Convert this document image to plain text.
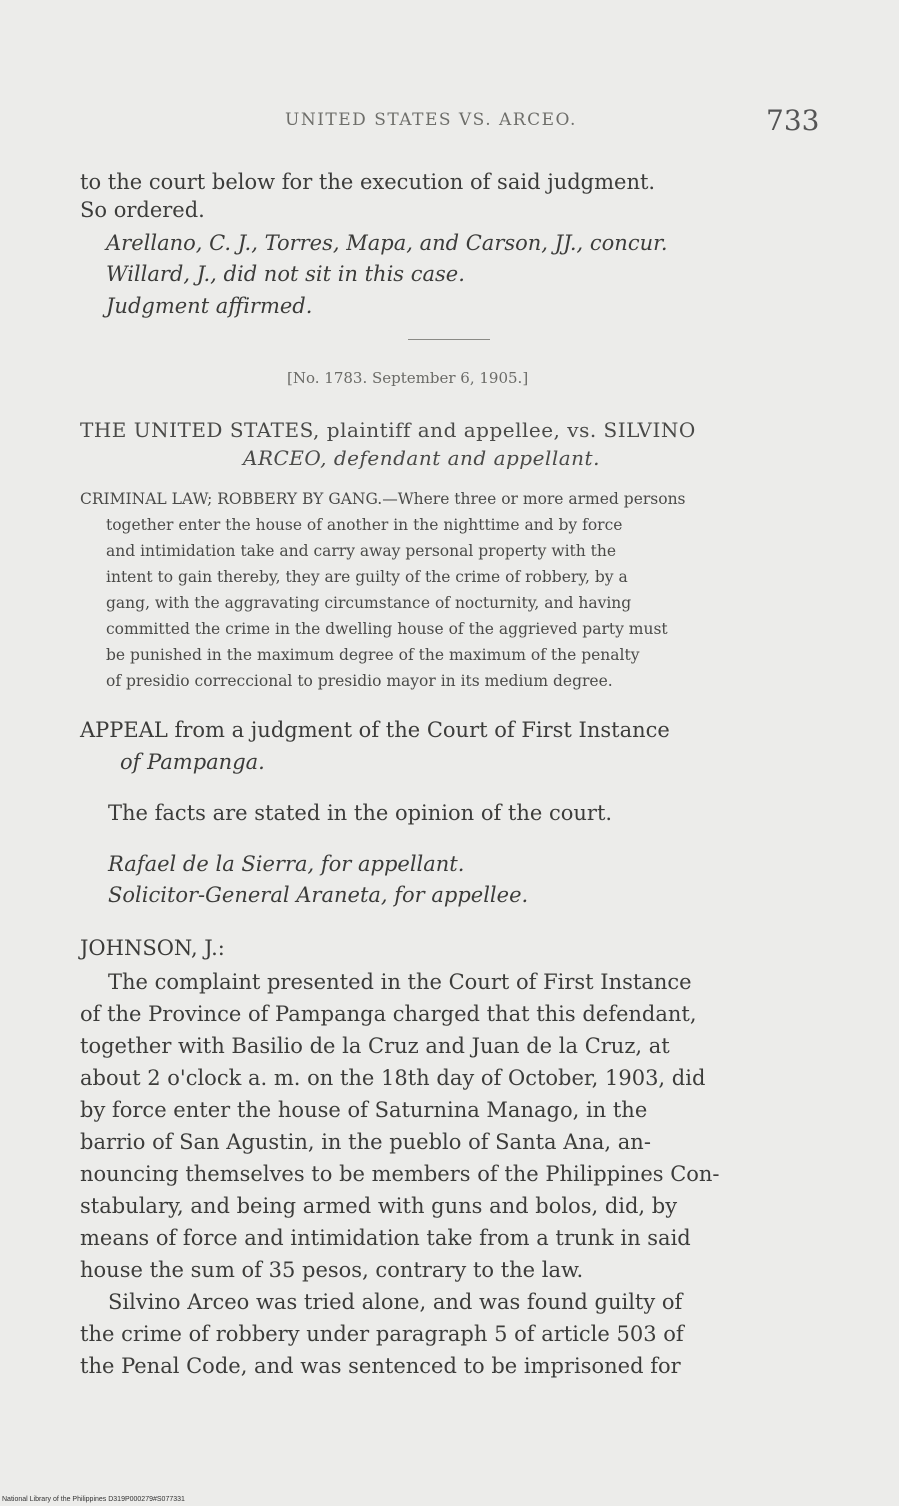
UNITED STATES VS. ARCEO.	733
to the court below for the execution of said judgment.
So ordered.
Arellano, C. J., Torres, Mapa, and Carson, JJ., concur.
Willard, J., did not sit in this case.
Judgment affirmed.
[No. 1783. September 6, 1905.]
THE UNITED STATES, plaintiff and appellee, vs. SILVINO
ARCEO, defendant and appellant.
CRIMINAL LAW; ROBBERY BY GANG.—Where three or more armed persons
together enter the house of another in the nighttime and by force
and intimidation take and carry away personal property with the
intent to gain thereby, they are guilty of the crime of robbery, by a
gang, with the aggravating circumstance of nocturnity, and having
committed the crime in the dwelling house of the aggrieved party must
be punished in the maximum degree of the maximum of the penalty
of presidio correccional to presidio mayor in its medium degree.
APPEAL from a judgment of the Court of First Instance
of Pampanga.
The facts are stated in the opinion of the court.
Rafael de la Sierra, for appellant.
Solicitor-General Araneta, for appellee.
JOHNSON, J.:
The complaint presented in the Court of First Instance
of the Province of Pampanga charged that this defendant,
together with Basilio de la Cruz and Juan de la Cruz, at
about 2 o'clock a. m. on the 18th day of October, 1903, did
by force enter the house of Saturnina Manago, in the
barrio of San Agustin, in the pueblo of Santa Ana, an-
nouncing themselves to be members of the Philippines Con-
stabulary, and being armed with guns and bolos, did, by
means of force and intimidation take from a trunk in said
house the sum of 35 pesos, contrary to the law.
Silvino Arceo was tried alone, and was found guilty of
the crime of robbery under paragraph 5 of article 503 of
the Penal Code, and was sentenced to be imprisoned for
National Library of the Philippines D319P000279#S077331
